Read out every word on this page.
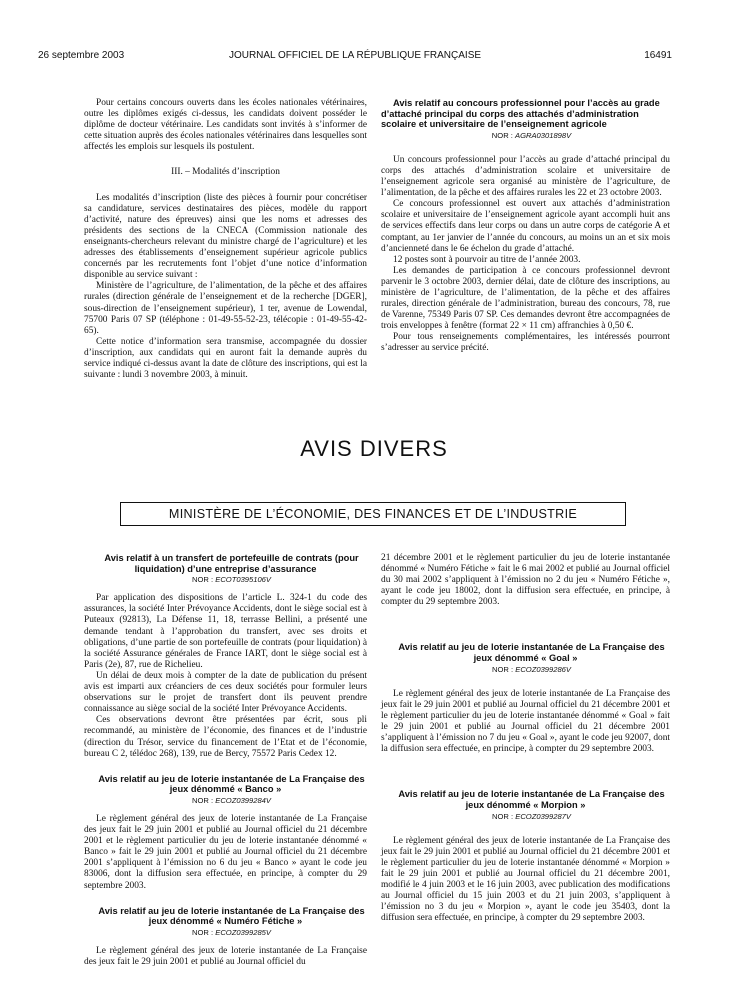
26 septembre 2003	JOURNAL OFFICIEL DE LA RÉPUBLIQUE FRANÇAISE	16491

Pour certains concours ouverts dans les écoles nationales vétérinaires, outre les diplômes exigés ci-dessus, les candidats doivent posséder le diplôme de docteur vétérinaire. Les candidats sont invités à s’informer de cette situation auprès des écoles nationales vétérinaires dans lesquelles sont affectés les emplois sur lesquels ils postulent.

III. – Modalités d’inscription

Les modalités d’inscription (liste des pièces à fournir pour concrétiser sa candidature, services destinataires des pièces, modèle du rapport d’activité, nature des épreuves) ainsi que les noms et adresses des présidents des sections de la CNECA (Commission nationale des enseignants-chercheurs relevant du ministre chargé de l’agriculture) et les adresses des établissements d’enseignement supérieur agricole publics concernés par les recrutements font l’objet d’une notice d’information disponible au service suivant :

Ministère de l’agriculture, de l’alimentation, de la pêche et des affaires rurales (direction générale de l’enseignement et de la recherche [DGER], sous-direction de l’enseignement supérieur), 1 ter, avenue de Lowendal, 75700 Paris 07 SP (téléphone : 01-49-55-52-23, télécopie : 01-49-55-42-65).

Cette notice d’information sera transmise, accompagnée du dossier d’inscription, aux candidats qui en auront fait la demande auprès du service indiqué ci-dessus avant la date de clôture des inscriptions, qui est la suivante : lundi 3 novembre 2003, à minuit.

Avis relatif au concours professionnel pour l’accès au grade d’attaché principal du corps des attachés d’administration scolaire et universitaire de l’enseignement agricole

NOR : AGRA0301898V

Un concours professionnel pour l’accès au grade d’attaché principal du corps des attachés d’administration scolaire et universitaire de l’enseignement agricole sera organisé au ministère de l’agriculture, de l’alimentation, de la pêche et des affaires rurales les 22 et 23 octobre 2003.

Ce concours professionnel est ouvert aux attachés d’administration scolaire et universitaire de l’enseignement agricole ayant accompli huit ans de services effectifs dans leur corps ou dans un autre corps de catégorie A et comptant, au 1er janvier de l’année du concours, au moins un an et six mois d’ancienneté dans le 6e échelon du grade d’attaché.

12 postes sont à pourvoir au titre de l’année 2003.

Les demandes de participation à ce concours professionnel devront parvenir le 3 octobre 2003, dernier délai, date de clôture des inscriptions, au ministère de l’agriculture, de l’alimentation, de la pêche et des affaires rurales, direction générale de l’administration, bureau des concours, 78, rue de Varenne, 75349 Paris 07 SP. Ces demandes devront être accompagnées de trois enveloppes à fenêtre (format 22 × 11 cm) affranchies à 0,50 €.

Pour tous renseignements complémentaires, les intéressés pourront s’adresser au service précité.

AVIS DIVERS
MINISTÈRE DE L’ÉCONOMIE, DES FINANCES ET DE L’INDUSTRIE

Avis relatif à un transfert de portefeuille de contrats (pour liquidation) d’une entreprise d’assurance

NOR : ECOT0395106V

Par application des dispositions de l’article L. 324-1 du code des assurances, la société Inter Prévoyance Accidents, dont le siège social est à Puteaux (92813), La Défense 11, 18, terrasse Bellini, a présenté une demande tendant à l’approbation du transfert, avec ses droits et obligations, d’une partie de son portefeuille de contrats (pour liquidation) à la société Assurance générales de France IART, dont le siège social est à Paris (2e), 87, rue de Richelieu.

Un délai de deux mois à compter de la date de publication du présent avis est imparti aux créanciers de ces deux sociétés pour formuler leurs observations sur le projet de transfert dont ils peuvent prendre connaissance au siège social de la société Inter Prévoyance Accidents.

Ces observations devront être présentées par écrit, sous pli recommandé, au ministère de l’économie, des finances et de l’industrie (direction du Trésor, service du financement de l’Etat et de l’économie, bureau C 2, télédoc 268), 139, rue de Bercy, 75572 Paris Cedex 12.

Avis relatif au jeu de loterie instantanée de La Française des jeux dénommé « Banco »

NOR : ECOZ0399284V

Le règlement général des jeux de loterie instantanée de La Française des jeux fait le 29 juin 2001 et publié au Journal officiel du 21 décembre 2001 et le règlement particulier du jeu de loterie instantanée dénommé « Banco » fait le 29 juin 2001 et publié au Journal officiel du 21 décembre 2001 s’appliquent à l’émission no 6 du jeu « Banco » ayant le code jeu 83006, dont la diffusion sera effectuée, en principe, à compter du 29 septembre 2003.

Avis relatif au jeu de loterie instantanée de La Française des jeux dénommé « Numéro Fétiche »

NOR : ECOZ0399285V

Le règlement général des jeux de loterie instantanée de La Française des jeux fait le 29 juin 2001 et publié au Journal officiel du

21 décembre 2001 et le règlement particulier du jeu de loterie instantanée dénommé « Numéro Fétiche » fait le 6 mai 2002 et publié au Journal officiel du 30 mai 2002 s’appliquent à l’émission no 2 du jeu « Numéro Fétiche », ayant le code jeu 18002, dont la diffusion sera effectuée, en principe, à compter du 29 septembre 2003.

Avis relatif au jeu de loterie instantanée de La Française des jeux dénommé « Goal »

NOR : ECOZ0399286V

Le règlement général des jeux de loterie instantanée de La Française des jeux fait le 29 juin 2001 et publié au Journal officiel du 21 décembre 2001 et le règlement particulier du jeu de loterie instantanée dénommé « Goal » fait le 29 juin 2001 et publié au Journal officiel du 21 décembre 2001 s’appliquent à l’émission no 7 du jeu « Goal », ayant le code jeu 92007, dont la diffusion sera effectuée, en principe, à compter du 29 septembre 2003.

Avis relatif au jeu de loterie instantanée de La Française des jeux dénommé « Morpion »

NOR : ECOZ0399287V

Le règlement général des jeux de loterie instantanée de La Française des jeux fait le 29 juin 2001 et publié au Journal officiel du 21 décembre 2001 et le règlement particulier du jeu de loterie instantanée dénommé « Morpion » fait le 29 juin 2001 et publié au Journal officiel du 21 décembre 2001, modifié le 4 juin 2003 et le 16 juin 2003, avec publication des modifications au Journal officiel du 15 juin 2003 et du 21 juin 2003, s’appliquent à l’émission no 3 du jeu « Morpion », ayant le code jeu 35403, dont la diffusion sera effectuée, en principe, à compter du 29 septembre 2003.
